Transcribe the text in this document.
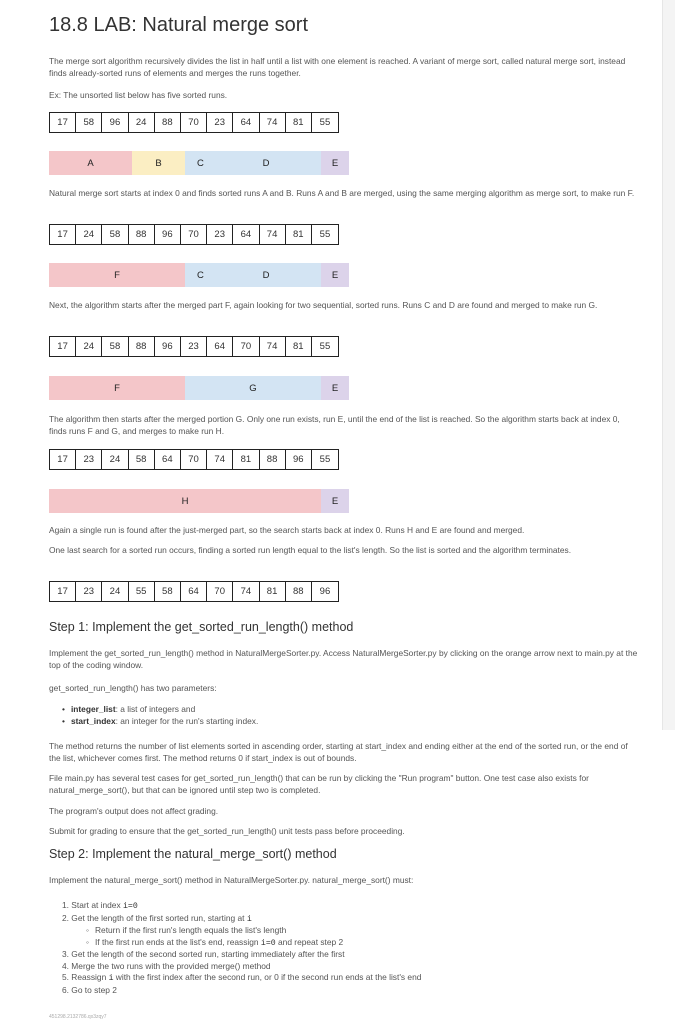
18.8 LAB: Natural merge sort

The merge sort algorithm recursively divides the list in half until a list with one element is reached. A variant of merge sort, called natural merge sort, instead finds already-sorted runs of elements and merges the runs together.

Ex: The unsorted list below has five sorted runs.

17	58	96	24	88	70	23	64	74	81	55
A	B	C	D	E

Natural merge sort starts at index 0 and finds sorted runs A and B. Runs A and B are merged, using the same merging algorithm as merge sort, to make run F.

17	24	58	88	96	70	23	64	74	81	55
F	C	D	E

Next, the algorithm starts after the merged part F, again looking for two sequential, sorted runs. Runs C and D are found and merged to make run G.

17	24	58	88	96	23	64	70	74	81	55
F	G	E

The algorithm then starts after the merged portion G. Only one run exists, run E, until the end of the list is reached. So the algorithm starts back at index 0, finds runs F and G, and merges to make run H.

17	23	24	58	64	70	74	81	88	96	55
H	E

Again a single run is found after the just-merged part, so the search starts back at index 0. Runs H and E are found and merged.

One last search for a sorted run occurs, finding a sorted run length equal to the list's length. So the list is sorted and the algorithm terminates.

17	23	24	55	58	64	70	74	81	88	96
Step 1: Implement the get_sorted_run_length() method

Implement the get_sorted_run_length() method in NaturalMergeSorter.py. Access NaturalMergeSorter.py by clicking on the orange arrow next to main.py at the top of the coding window.

get_sorted_run_length() has two parameters:

• integer_list: a list of integers and
• start_index: an integer for the run's starting index.

The method returns the number of list elements sorted in ascending order, starting at start_index and ending either at the end of the sorted run, or the end of the list, whichever comes first. The method returns 0 if start_index is out of bounds.

File main.py has several test cases for get_sorted_run_length() that can be run by clicking the "Run program" button. One test case also exists for natural_merge_sort(), but that can be ignored until step two is completed.

The program's output does not affect grading.

Submit for grading to ensure that the get_sorted_run_length() unit tests pass before proceeding.

Step 2: Implement the natural_merge_sort() method

Implement the natural_merge_sort() method in NaturalMergeSorter.py. natural_merge_sort() must:

1. Start at index i=0
2. Get the length of the first sorted run, starting at i
◦ Return if the first run's length equals the list's length
◦ If the first run ends at the list's end, reassign i=0 and repeat step 2
3. Get the length of the second sorted run, starting immediately after the first
4. Merge the two runs with the provided merge() method
5. Reassign i with the first index after the second run, or 0 if the second run ends at the list's end
6. Go to step 2
451298.2132786.qx3zqy7
